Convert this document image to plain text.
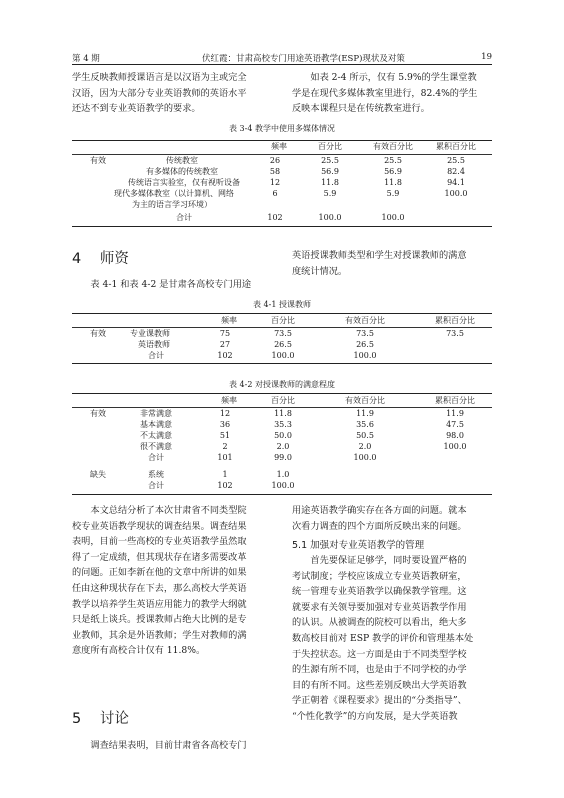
第 4 期	伏红霞：甘肃高校专门用途英语教学(ESP)现状及对策	19

学生反映教师授课语言是以汉语为主或完全

汉语，因为大部分专业英语教师的英语水平

还达不到专业英语教学的要求。

如表 2-4 所示，仅有 5.9%的学生课堂教

学是在现代多媒体教室里进行，82.4%的学生

反映本课程只是在传统教室进行。

表 3-4 教学中使用多媒体情况
频率	百分比	有效百分比	累积百分比
有效	传统教室	26	25.5	25.5	25.5
有多媒体的传统教室	58	56.9	56.9	82.4
传统语言实验室，仅有视听设备	12	11.8	11.8	94.1
现代多媒体教室（以计算机、网络
为主的语言学习环境）
6	5.9	5.9	100.0
合计	102	100.0	100.0
4 师资

表 4-1 和表 4-2 是甘肃各高校专门用途

英语授课教师类型和学生对授课教师的满意

度统计情况。

表 4-1 授课教师
频率	百分比	有效百分比	累积百分比
有效	专业课教师	75	73.5	73.5	73.5
英语教师	27	26.5	26.5
合计	102	100.0	100.0
表 4-2 对授课教师的满意程度
频率	百分比	有效百分比	累积百分比
有效	非常满意	12	11.8	11.9	11.9
基本满意	36	35.3	35.6	47.5
不太满意	51	50.0	50.5	98.0
很不满意	2	2.0	2.0	100.0
合计	101	99.0	100.0
缺失	系统	1	1.0
合计	102	100.0

本文总结分析了本次甘肃省不同类型院

校专业英语教学现状的调查结果。调查结果

表明，目前一些高校的专业英语教学虽然取

得了一定成绩，但其现状存在诸多需要改革

的问题。正如李新在他的文章中所讲的如果

任由这种现状存在下去，那么高校大学英语

教学以培养学生英语应用能力的教学大纲就

只是纸上谈兵。授课教师占绝大比例的是专

业教师，其余是外语教师；学生对教师的满

意度所有高校合计仅有 11.8%。

5 讨论

调查结果表明，目前甘肃省各高校专门

用途英语教学确实存在各方面的问题。就本

次看力调查的四个方面所反映出来的问题。

5.1 加强对专业英语教学的管理

首先要保证足够学，同时要设置严格的

考试制度；学校应该成立专业英语教研室，

统一管理专业英语教学以确保教学管理。这

就要求有关领导要加强对专业英语教学作用

的认识。从被调查的院校可以看出，绝大多

数高校目前对 ESP 教学的评价和管理基本处

于失控状态。这一方面是由于不同类型学校

的生源有所不同，也是由于不同学校的办学

目的有所不同。这些差别反映出大学英语教

学正朝着《课程要求》提出的“分类指导”、

“个性化教学”的方向发展，是大学英语教
